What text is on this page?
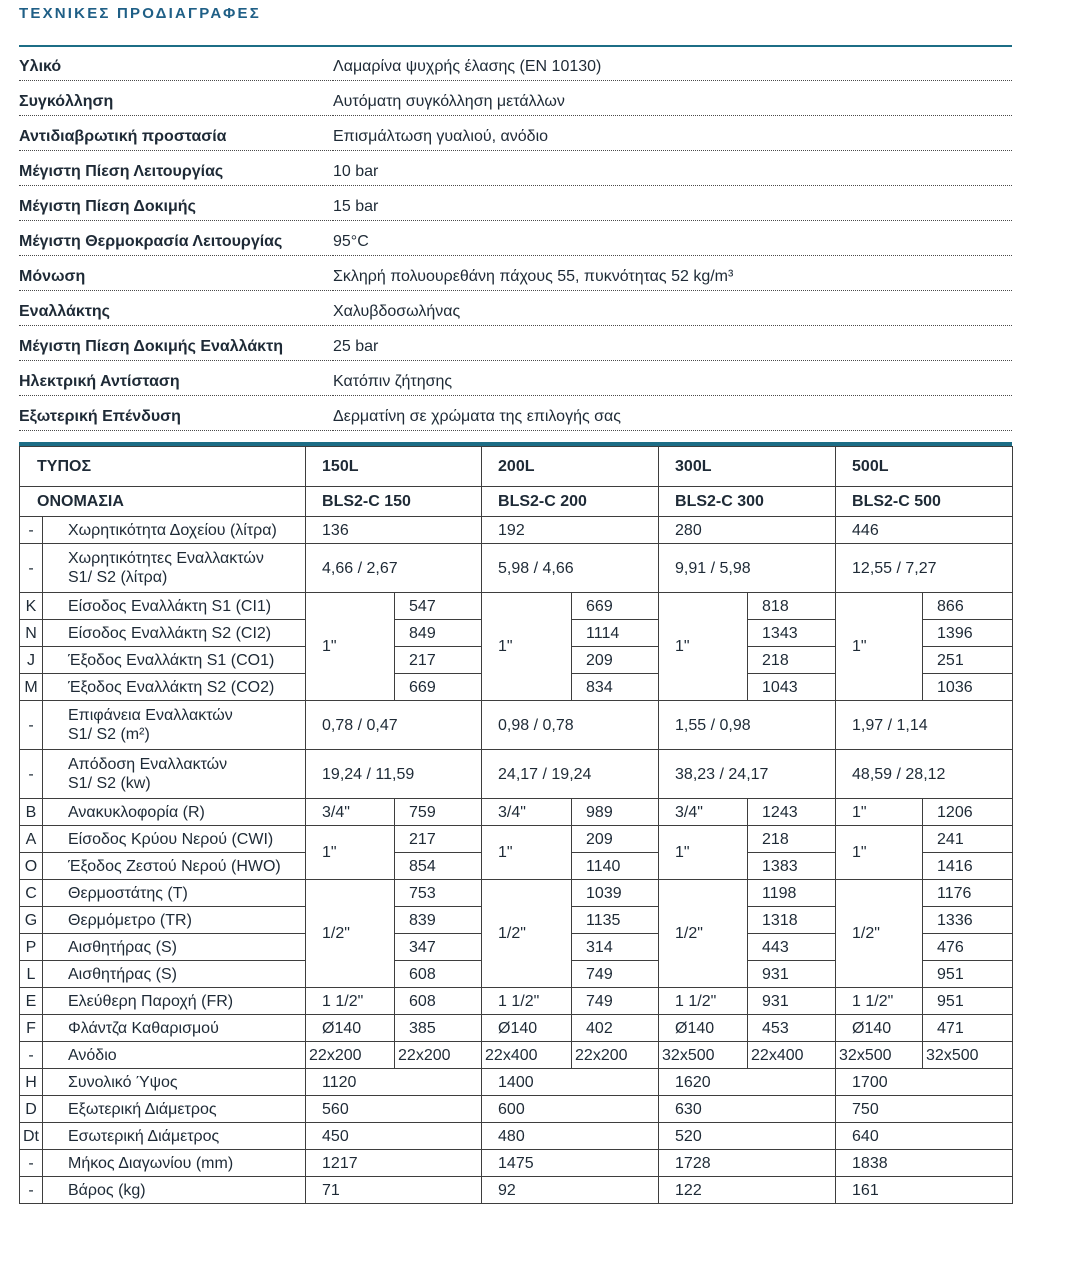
ΤΕΧΝΙΚΕΣ ΠΡΟΔΙΑΓΡΑΦΕΣ
Υλικό	Λαμαρίνα ψυχρής έλασης (EN 10130)
Συγκόλληση	Αυτόματη συγκόλληση μετάλλων
Αντιδιαβρωτική προστασία	Επισμάλτωση γυαλιού, ανόδιο
Μέγιστη Πίεση Λειτουργίας	10 bar
Μέγιστη Πίεση Δοκιμής	15 bar
Μέγιστη Θερμοκρασία Λειτουργίας	95°C
Μόνωση	Σκληρή πολυουρεθάνη πάχους 55, πυκνότητας 52 kg/m³
Εναλλάκτης	Χαλυβδοσωλήνας
Μέγιστη Πίεση Δοκιμής Εναλλάκτη	25 bar
Ηλεκτρική Αντίσταση	Κατόπιν ζήτησης
Εξωτερική Επένδυση	Δερματίνη σε χρώματα της επιλογής σας
ΤΥΠΟΣ		150L		200L		300L		500L	
ΟΝΟΜΑΣΙΑ		BLS2-C 150		BLS2-C 200		BLS2-C 300		BLS2-C 500	
-	Χωρητικότητα Δοχείου (λίτρα)	136		192		280		446	
-	Χωρητικότητες Εναλλακτών
S1/ S2 (λίτρα)	4,66 / 2,67		5,98 / 4,66		9,91 / 5,98		12,55 / 7,27	
K	Είσοδος Εναλλάκτη S1 (CI1)	1"	547	1"	669	1"	818	1"	866
N	Είσοδος Εναλλάκτη S2 (CI2)		849		1114		1343		1396
J	Έξοδος Εναλλάκτη S1 (CO1)		217		209		218		251
M	Έξοδος Εναλλάκτη S2 (CO2)		669		834		1043		1036
-	Επιφάνεια Εναλλακτών
S1/ S2 (m²)	0,78 / 0,47		0,98 / 0,78		1,55 / 0,98		1,97 / 1,14	
-	Απόδοση Εναλλακτών
S1/ S2 (kw)	19,24 / 11,59		24,17 / 19,24		38,23 / 24,17		48,59 / 28,12	
B	Ανακυκλοφορία (R)	3/4"	759	3/4"	989	3/4"	1243	1"	1206
A	Είσοδος Κρύου Νερού (CWI)	1"	217	1"	209	1"	218	1"	241
O	Έξοδος Ζεστού Νερού (HWO)		854		1140		1383		1416
C	Θερμοστάτης (T)	1/2"	753	1/2"	1039	1/2"	1198	1/2"	1176
G	Θερμόμετρο (TR)		839		1135		1318		1336
P	Αισθητήρας (S)		347		314		443		476
L	Αισθητήρας (S)		608		749		931		951
E	Ελεύθερη Παροχή (FR)	1 1/2"	608	1 1/2"	749	1 1/2"	931	1 1/2"	951
F	Φλάντζα Καθαρισμού	Ø140	385	Ø140	402	Ø140	453	Ø140	471
-	Ανόδιο	22x200	22x200	22x400	22x200	32x500	22x400	32x500	32x500
H	Συνολικό Ύψος	1120		1400		1620		1700	
D	Εξωτερική Διάμετρος	560		600		630		750	
Dt	Εσωτερική Διάμετρος	450		480		520		640	
-	Μήκος Διαγωνίου (mm)	1217		1475		1728		1838	
-	Βάρος (kg)	71		92		122		161	
